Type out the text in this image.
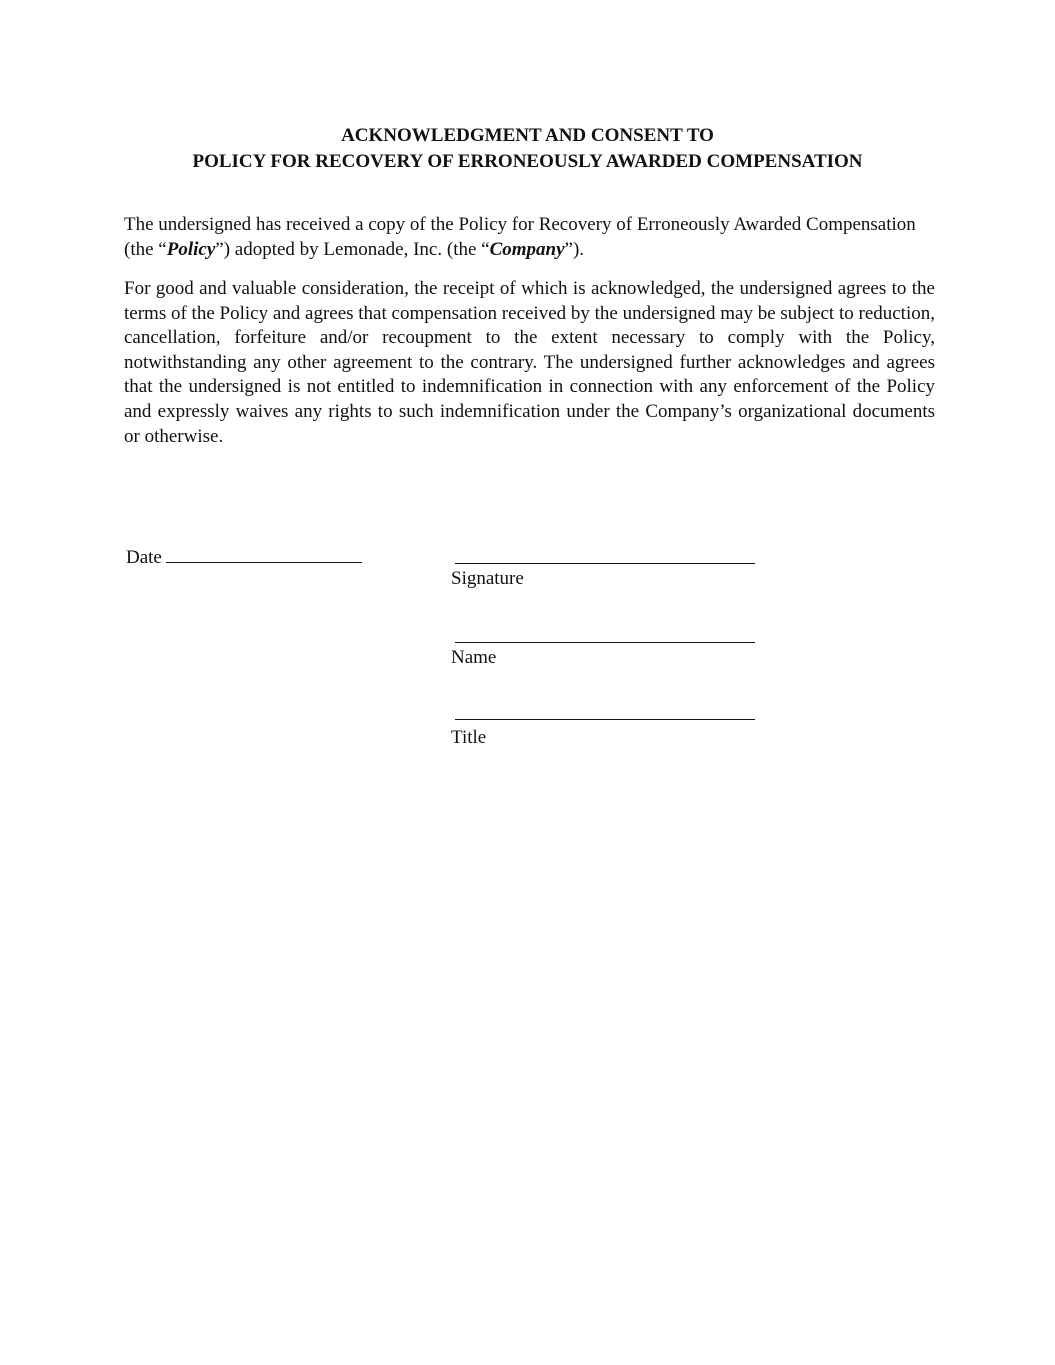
ACKNOWLEDGMENT AND CONSENT TO
POLICY FOR RECOVERY OF ERRONEOUSLY AWARDED COMPENSATION

The undersigned has received a copy of the Policy for Recovery of Erroneously Awarded Compensation (the “Policy”) adopted by Lemonade, Inc. (the “Company”).

For good and valuable consideration, the receipt of which is acknowledged, the undersigned agrees to the terms of the Policy and agrees that compensation received by the undersigned may be subject to reduction, cancellation, forfeiture and/or recoupment to the extent necessary to comply with the Policy, notwithstanding any other agreement to the contrary. The undersigned further acknowledges and agrees that the undersigned is not entitled to indemnification in connection with any enforcement of the Policy and expressly waives any rights to such indemnification under the Company’s organizational documents or otherwise.

Date
Signature
Name
Title
